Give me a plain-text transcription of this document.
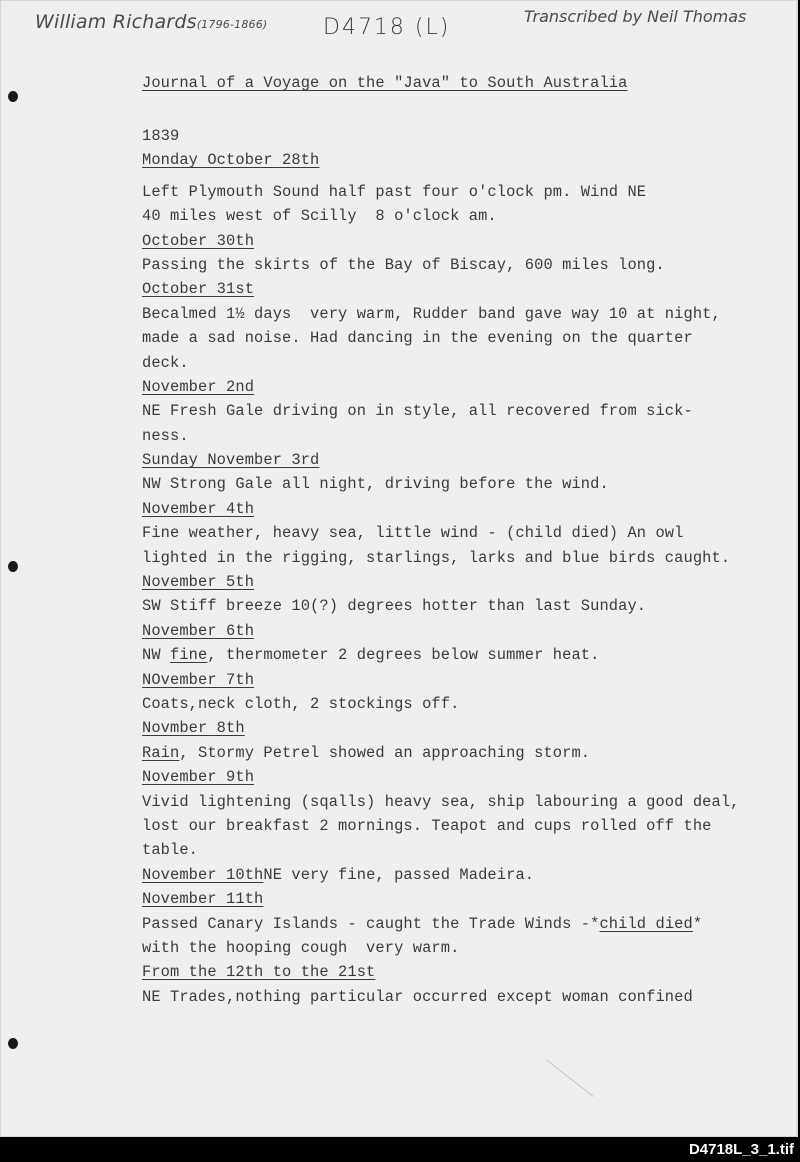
William Richards(1796-1866)	D4718 (L)	Transcribed by Neil Thomas
Journal of a Voyage on the "Java" to South Australia
1839
Monday October 28th
Left Plymouth Sound half past four o'clock pm. Wind NE
40 miles west of Scilly  8 o'clock am.
October 30th
Passing the skirts of the Bay of Biscay, 600 miles long.
October 31st
Becalmed 1½ days  very warm, Rudder band gave way 10 at night,
made a sad noise. Had dancing in the evening on the quarter
deck.
November 2nd
NE Fresh Gale driving on in style, all recovered from sick-
ness.
Sunday November 3rd
NW Strong Gale all night, driving before the wind.
November 4th
Fine weather, heavy sea, little wind - (child died) An owl
lighted in the rigging, starlings, larks and blue birds caught.
November 5th
SW Stiff breeze 10(?) degrees hotter than last Sunday.
November 6th
NW fine, thermometer 2 degrees below summer heat.
NOvember 7th
Coats,neck cloth, 2 stockings off.
Novmber 8th
Rain, Stormy Petrel showed an approaching storm.
November 9th
Vivid lightening (sqalls) heavy sea, ship labouring a good deal,
lost our breakfast 2 mornings. Teapot and cups rolled off the
table.
November 10thNE very fine, passed Madeira.
November 11th
Passed Canary Islands - caught the Trade Winds -*child died*
with the hooping cough  very warm.
From the 12th to the 21st
NE Trades,nothing particular occurred except woman confined
D4718L_3_1.tif
